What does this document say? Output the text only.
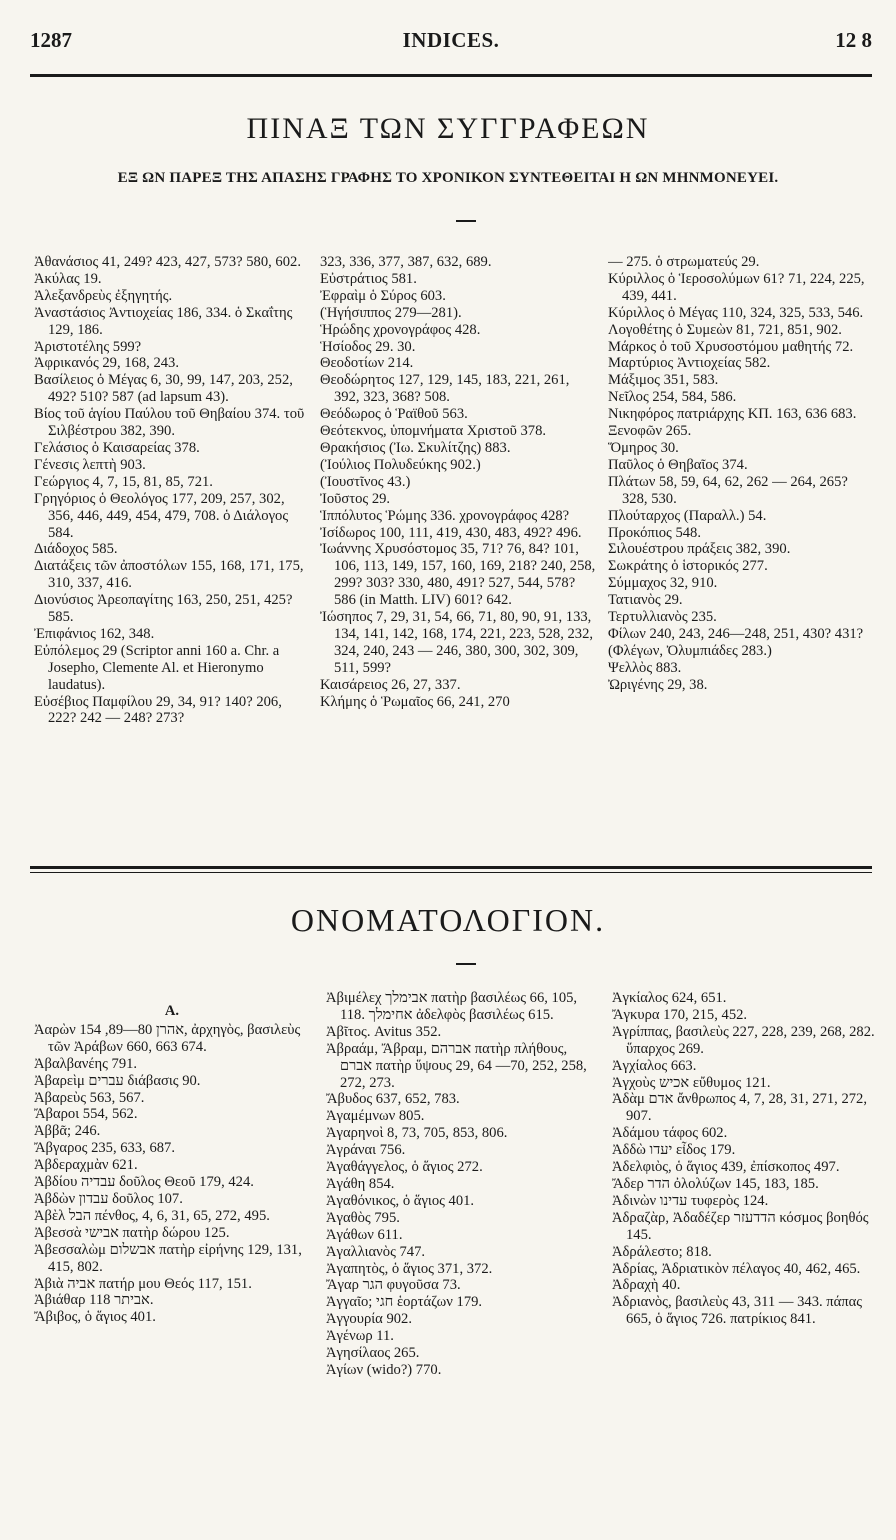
1287	INDICES.	12 8
ΠΙΝΑΞ ΤΩΝ ΣΥΓΓΡΑΦΕΩΝ
ΕΞ ΩΝ ΠΑΡΕΞ ΤΗΣ ΑΠΑΣΗΣ ΓΡΑΦΗΣ ΤΟ ΧΡΟΝΙΚΟΝ ΣΥΝΤΕΘΕΙΤΑΙ Η ΩΝ ΜΗΝΜΟΝΕΥΕΙ.

Ἀθανάσιος 41, 249? 423, 427, 573? 580, 602.

Ἀκύλας 19.

Ἀλεξανδρεὺς ἐξηγητής.

Ἀναστάσιος Ἀντιοχείας 186, 334. ὁ Σκαΐτης 129, 186.

Ἀριστοτέλης 599?

Ἀφρικανός 29, 168, 243.

Βασίλειος ὁ Μέγας 6, 30, 99, 147, 203, 252, 492? 510? 587 (ad lapsum 43).

Βίος τοῦ ἁγίου Παύλου τοῦ Θηβαίου 374. τοῦ Σιλβέστρου 382, 390.

Γελάσιος ὁ Καισαρείας 378.

Γένεσις λεπτὴ 903.

Γεώργιος 4, 7, 15, 81, 85, 721.

Γρηγόριος ὁ Θεολόγος 177, 209, 257, 302, 356, 446, 449, 454, 479, 708. ὁ Διάλογος 584.

Διάδοχος 585.

Διατάξεις τῶν ἀποστόλων 155, 168, 171, 175, 310, 337, 416.

Διονύσιος Ἀρεοπαγίτης 163, 250, 251, 425? 585.

Ἐπιφάνιος 162, 348.

Εὐπόλεμος 29 (Scriptor anni 160 a. Chr. a Josepho, Clemente Al. et Hieronymo laudatus).

Εὐσέβιος Παμφίλου 29, 34, 91? 140? 206, 222? 242 — 248? 273?

323, 336, 377, 387, 632, 689.

Εὐστράτιος 581.

Ἐφραὶμ ὁ Σύρος 603.

(Ἡγήσιππος 279—281).

Ἡρώδης χρονογράφος 428.

Ἡσίοδος 29. 30.

Θεοδοτίων 214.

Θεοδώρητος 127, 129, 145, 183, 221, 261, 392, 323, 368? 508.

Θεόδωρος ὁ Ῥαϊθοῦ 563.

Θεότεκνος, ὑπομνήματα Χριστοῦ 378.

Θρακήσιος (Ἰω. Σκυλίτζης) 883.

(Ἰούλιος Πολυδεύκης 902.)

(Ἰουστῖνος 43.)

Ἰοῦστος 29.

Ἱππόλυτος Ῥώμης 336. χρονογράφος 428?

Ἰσίδωρος 100, 111, 419, 430, 483, 492? 496.

Ἰωάννης Χρυσόστομος 35, 71? 76, 84? 101, 106, 113, 149, 157, 160, 169, 218? 240, 258, 299? 303? 330, 480, 491? 527, 544, 578? 586 (in Matth. LIV) 601? 642.

Ἰώσηπος 7, 29, 31, 54, 66, 71, 80, 90, 91, 133, 134, 141, 142, 168, 174, 221, 223, 528, 232, 324, 240, 243 — 246, 380, 300, 302, 309, 511, 599?

Καισάρειος 26, 27, 337.

Κλήμης ὁ Ῥωμαῖος 66, 241, 270

— 275. ὁ στρωματεύς 29.

Κύριλλος ὁ Ἱεροσολύμων 61? 71, 224, 225, 439, 441.

Κύριλλος ὁ Μέγας 110, 324, 325, 533, 546.

Λογοθέτης ὁ Συμεὼν 81, 721, 851, 902.

Μάρκος ὁ τοῦ Χρυσοστόμου μαθητής 72.

Μαρτύριος Ἀντιοχείας 582.

Μάξιμος 351, 583.

Νεῖλος 254, 584, 586.

Νικηφόρος πατριάρχης ΚΠ. 163, 636 683.

Ξενοφῶν 265.

Ὅμηρος 30.

Παῦλος ὁ Θηβαῖος 374.

Πλάτων 58, 59, 64, 62, 262 — 264, 265? 328, 530.

Πλούταρχος (Παραλλ.) 54.

Προκόπιος 548.

Σιλουέστρου πράξεις 382, 390.

Σωκράτης ὁ ἱστορικός 277.

Σύμμαχος 32, 910.

Τατιανὸς 29.

Τερτυλλιανὸς 235.

Φίλων 240, 243, 246—248, 251, 430? 431?

(Φλέγων, Ὀλυμπιάδες 283.)

Ψελλὸς 883.

Ὠριγένης 29, 38.

ΟΝΟΜΑΤΟΛΟΓΙΟΝ.
Α.

Ἀαρὼν אהרן 80—89, 154, ἀρχηγὸς, βασιλεὺς τῶν Ἀράβων 660, 663 674.

Ἀβαλβανέης 791.

Ἀβαρεὶμ עברים διάβασις 90.

Ἀβαρεὺς 563, 567.

Ἄβαροι 554, 562.

Ἀββᾶ; 246.

Ἄβγαρος 235, 633, 687.

Ἀβδεραχμὰν 621.

Ἀβδίου עבדיה δοῦλος Θεοῦ 179, 424.

Ἀβδὼν עבדון δοῦλος 107.

Ἀβὲλ הבל πένθος, 4, 6, 31, 65, 272, 495.

Ἀβεσσὰ אבישי πατὴρ δώρου 125.

Ἀβεσσαλὼμ אבשלום πατὴρ εἰρήνης 129, 131, 415, 802.

Ἀβιὰ אביה πατήρ μου Θεός 117, 151.

Ἀβιάθαρ אביתר 118.

Ἄβιβος, ὁ ἅγιος 401.

Ἀβιμέλεχ אבימלך πατὴρ βασιλέως 66, 105, 118. אחימלך ἀδελφὸς βασιλέως 615.

Ἀβῖτος. Avitus 352.

Ἀβραάμ, Ἄβραμ, אברהם πατὴρ πλήθους, אברם πατὴρ ὕψους 29, 64 —70, 252, 258, 272, 273.

Ἄβυδος 637, 652, 783.

Ἀγαμέμνων 805.

Ἀγαρηνοὶ 8, 73, 705, 853, 806.

Ἀγράναι 756.

Ἀγαθάγγελος, ὁ ἅγιος 272.

Ἀγάθη 854.

Ἀγαθόνικος, ὁ ἅγιος 401.

Ἀγαθὸς 795.

Ἀγάθων 611.

Ἀγαλλιανὸς 747.

Ἀγαπητὸς, ὁ ἅγιος 371, 372.

Ἄγαρ הגר φυγοῦσα 73.

Ἀγγαῖο; חגי ἑορτάζων 179.

Ἀγγουρία 902.

Ἀγένωρ 11.

Ἀγησίλαος 265.

Ἀγίων (wido?) 770.

Ἀγκίαλος 624, 651.

Ἄγκυρα 170, 215, 452.

Ἀγρίππας, βασιλεὺς 227, 228, 239, 268, 282. ὕπαρχος 269.

Ἀγχίαλος 663.

Ἀγχοὺς אכיש εὔθυμος 121.

Ἀδὰμ אדם ἄνθρωπος 4, 7, 28, 31, 271, 272, 907.

Ἀδάμου τάφος 602.

Ἀδδὼ יעדו εἶδος 179.

Ἀδελφιὸς, ὁ ἅγιος 439, ἐπίσκοπος 497.

Ἄδερ הדר ὀλολύζων 145, 183, 185.

Ἀδινὼν עדינו τυφερὸς 124.

Ἀδραζὰρ, Ἀδαδέζερ הדדעזר κόσμος βοηθός 145.

Ἀδράλεστο; 818.

Ἀδρίας, Ἀδριατικὸν πέλαγος 40, 462, 465.

Ἀδραχὴ 40.

Ἀδριανὸς, βασιλεὺς 43, 311 — 343. πάπας 665, ὁ ἅγιος 726. πατρίκιος 841.
